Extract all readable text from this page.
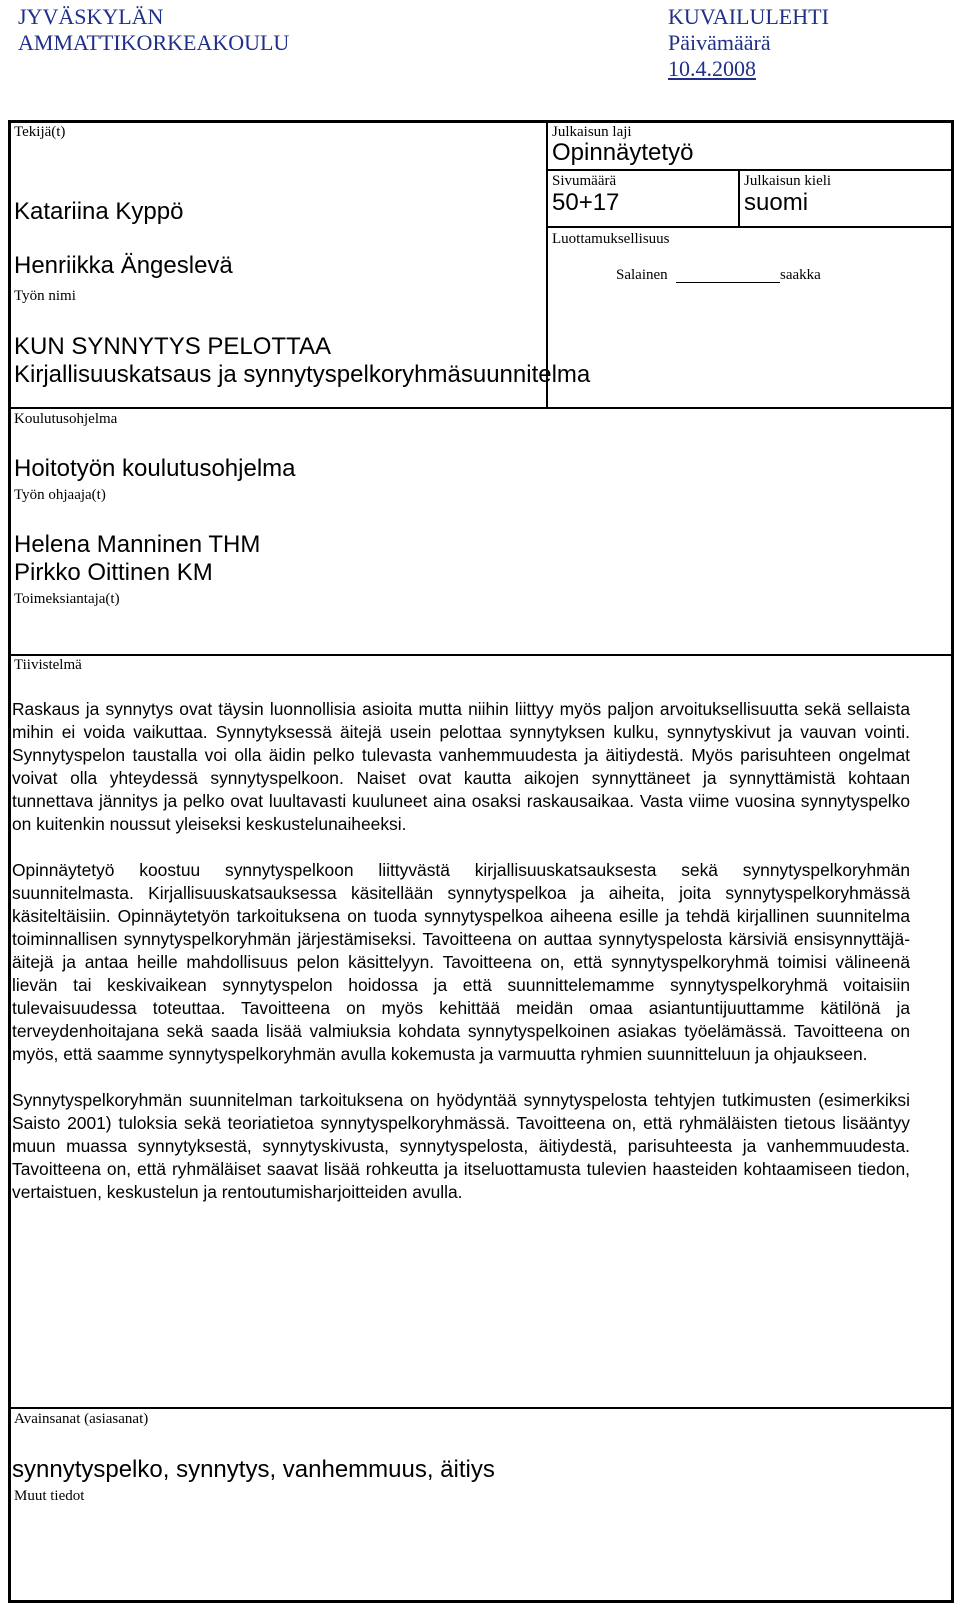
JYVÄSKYLÄN
AMMATTIKORKEAKOULU
KUVAILULEHTI
Päivämäärä
10.4.2008
Tekijä(t)
Katariina Kyppö
Henriikka Ängeslevä
Julkaisun laji
Opinnäytetyö
Sivumäärä
50+17
Julkaisun kieli
suomi
Luottamuksellisuus
Salainen	saakka
Työn nimi
KUN SYNNYTYS PELOTTAA
Kirjallisuuskatsaus ja synnytyspelkoryhmäsuunnitelma
Koulutusohjelma
Hoitotyön koulutusohjelma
Työn ohjaaja(t)
Helena Manninen THM
Pirkko Oittinen KM
Toimeksiantaja(t)
Tiivistelmä

Raskaus ja synnytys ovat täysin luonnollisia asioita mutta niihin liittyy myös paljon arvoituksellisuutta sekä sellaista mihin ei voida vaikuttaa. Synnytyksessä äitejä usein pelottaa synnytyksen kulku, synnytyskivut ja vauvan vointi. Synnytyspelon taustalla voi olla äidin pelko tulevasta vanhemmuudesta ja äitiydestä. Myös parisuhteen ongelmat voivat olla yhteydessä synnytyspelkoon. Naiset ovat kautta aikojen synnyttäneet ja synnyttämistä kohtaan tunnettava jännitys ja pelko ovat luultavasti kuuluneet aina osaksi raskausaikaa. Vasta viime vuosina synnytyspelko on kuitenkin noussut yleiseksi keskustelunaiheeksi.

Opinnäytetyö koostuu synnytyspelkoon liittyvästä kirjallisuuskatsauksesta sekä synnytyspelkoryhmän suunnitelmasta. Kirjallisuuskatsauksessa käsitellään synnytyspelkoa ja aiheita, joita synnytyspelkoryhmässä käsiteltäisiin. Opinnäytetyön tarkoituksena on tuoda synnytyspelkoa aiheena esille ja tehdä kirjallinen suunnitelma toiminnallisen synnytyspelkoryhmän järjestämiseksi. Tavoitteena on auttaa synnytyspelosta kärsiviä ensisynnyttäjä-äitejä ja antaa heille mahdollisuus pelon käsittelyyn. Tavoitteena on, että synnytyspelkoryhmä toimisi välineenä lievän tai keskivaikean synnytyspelon hoidossa ja että suunnittelemamme synnytyspelkoryhmä voitaisiin tulevaisuudessa toteuttaa. Tavoitteena on myös kehittää meidän omaa asiantuntijuuttamme kätilönä ja terveydenhoitajana sekä saada lisää valmiuksia kohdata synnytyspelkoinen asiakas työelämässä. Tavoitteena on myös, että saamme synnytyspelkoryhmän avulla kokemusta ja varmuutta ryhmien suunnitteluun ja ohjaukseen.

Synnytyspelkoryhmän suunnitelman tarkoituksena on hyödyntää synnytyspelosta tehtyjen tutkimusten (esimerkiksi Saisto 2001) tuloksia sekä teoriatietoa synnytyspelkoryhmässä. Tavoitteena on, että ryhmäläisten tietous lisääntyy muun muassa synnytyksestä, synnytyskivusta, synnytyspelosta, äitiydestä, parisuhteesta ja vanhemmuudesta. Tavoitteena on, että ryhmäläiset saavat lisää rohkeutta ja itseluottamusta tulevien haasteiden kohtaamiseen tiedon, vertaistuen, keskustelun ja rentoutumisharjoitteiden avulla.

Avainsanat (asiasanat)
synnytyspelko, synnytys, vanhemmuus, äitiys
Muut tiedot
